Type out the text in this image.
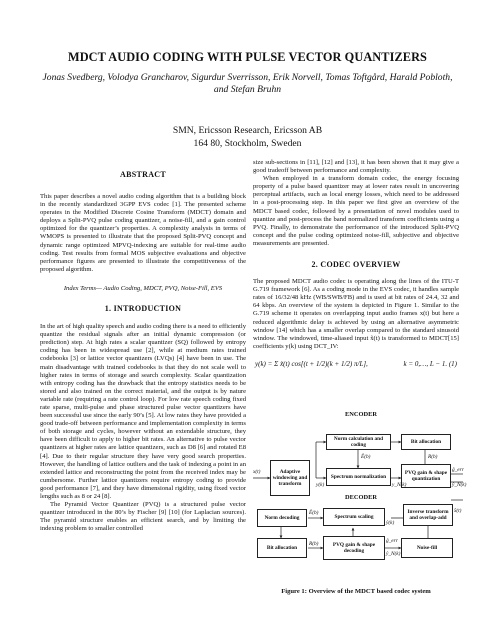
MDCT AUDIO CODING WITH PULSE VECTOR QUANTIZERS
Jonas Svedberg, Volodya Grancharov, Sigurdur Sverrisson, Erik Norvell, Tomas Toftgård, Harald Pobloth, and Stefan Bruhn
SMN, Ericsson Research, Ericsson AB
164 80, Stockholm, Sweden
ABSTRACT

This paper describes a novel audio coding algorithm that is a building block in the recently standardized 3GPP EVS codec [1]. The presented scheme operates in the Modified Discrete Cosine Transform (MDCT) domain and deploys a Split-PVQ pulse coding quantizer, a noise-fill, and a gain control optimized for the quantizer’s properties. A complexity analysis in terms of WMOPS is presented to illustrate that the proposed Split-PVQ concept and dynamic range optimized MPVQ-indexing are suitable for real-time audio coding. Test results from formal MOS subjective evaluations and objective performance figures are presented to illustrate the competitiveness of the proposed algorithm.

Index Terms— Audio Coding, MDCT, PVQ, Noise-Fill, EVS
1. INTRODUCTION

In the art of high quality speech and audio coding there is a need to efficiently quantize the residual signals after an initial dynamic compression (or prediction) step. At high rates a scalar quantizer (SQ) followed by entropy coding has been in widespread use [2], while at medium rates trained codebooks [3] or lattice vector quantizers (LVQs) [4] have been in use. The main disadvantage with trained codebooks is that they do not scale well to higher rates in terms of storage and search complexity. Scalar quantization with entropy coding has the drawback that the entropy statistics needs to be stored and also trained on the correct material, and the output is by nature variable rate (requiring a rate control loop). For low rate speech coding fixed rate sparse, multi-pulse and phase structured pulse vector quantizers have been successful use since the early 90’s [5]. At low rates they have provided a good trade-off between performance and implementation complexity in terms of both storage and cycles, however without an extendable structure, they have been difficult to apply to higher bit rates. An alternative to pulse vector quantizers at higher rates are lattice quantizers, such as D8 [6] and rotated E8 [4]. Due to their regular structure they have very good search properties. However, the handling of lattice outliers and the task of indexing a point in an extended lattice and reconstructing the point from the received index may be cumbersome. Further lattice quantizers require entropy coding to provide good performance [7], and they have dimensional rigidity, using fixed vector lengths such as 8 or 24 [8].

The Pyramid Vector Quantizer (PVQ) is a structured pulse vector quantizer introduced in the 80’s by Fischer [9] [10] (for Laplacian sources). The pyramid structure enables an efficient search, and by limiting the indexing problem to smaller controlled

size sub-sections in [11], [12] and [13], it has been shown that it may give a good tradeoff between performance and complexity.

When employed in a transform domain codec, the energy focusing property of a pulse based quantizer may at lower rates result in uncovering perceptual artifacts, such as local energy losses, which need to be addressed in a post-processing step. In this paper we first give an overview of the MDCT based codec, followed by a presentation of novel modules used to quantize and post-process the band normalized transform coefficients using a PVQ. Finally, to demonstrate the performance of the introduced Split-PVQ concept and the pulse coding optimized noise-fill, subjective and objective measurements are presented.

2. CODEC OVERVIEW

The proposed MDCT audio codec is operating along the lines of the ITU-T G.719 framework [6]. As a coding mode in the EVS codec, it handles sample rates of 16/32/48 kHz (WB/SWB/FB) and is used at bit rates of 24.4, 32 and 64 kbps. An overview of the system is depicted in Figure 1. Similar to the G.719 scheme it operates on overlapping input audio frames x(t) but here a reduced algorithmic delay is achieved by using an alternative asymmetric window [14] which has a smaller overlap compared to the standard sinusoid window. The windowed, time-aliased input x̃(t) is transformed to MDCT[15] coefficients y(k) using DCT_IV:

y(k) = Σ x̃(t) cos[(t + 1/2)(k + 1/2) π/L],	k = 0,…, L − 1. (1)
ENCODER
Norm calculation and coding
Bit allocation
Adaptive windowing and transform
Spectrum normalization
PVQ gain & shape quantization
DECODER
Norm decoding	Spectrum scaling
Inverse transform and overlap-add
Bit allocation
PVQ gain & shape decoding
Noise-fill
x(t)
Ê(b)	R(b)
y(k)	y_N(k)
ĝ_err
ŷ_N(k)
Ê(b)
R(b)
x̂(t)
ŷ(k)
ĝ_err
ŷ_N(k)
Figure 1: Overview of the MDCT based codec system
